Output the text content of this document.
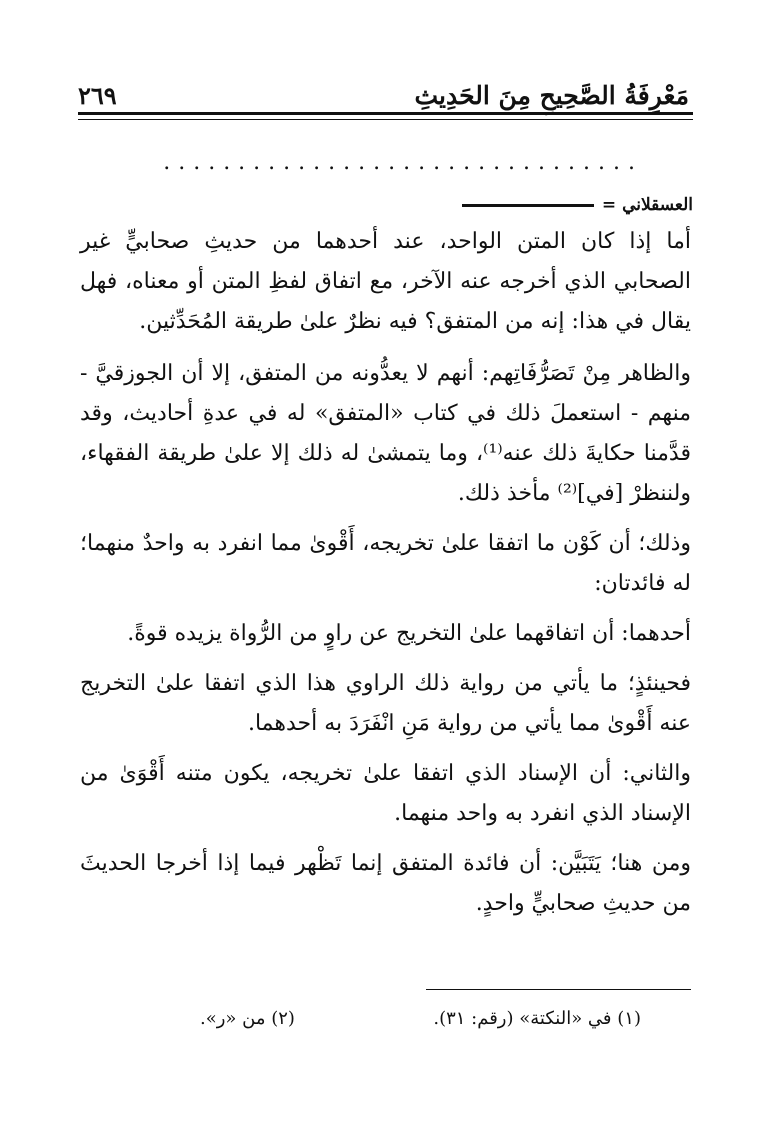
مَعْرِفَةُ الصَّحِيحِ مِنَ الحَدِيثِ
٢٦٩
................................
العسقلاني =

أما إذا كان المتن الواحد، عند أحدهما من حديثِ صحابيٍّ غير الصحابي الذي أخرجه عنه الآخر، مع اتفاق لفظِ المتن أو معناه، فهل يقال في هذا: إنه من المتفق؟ فيه نظرٌ علىٰ طريقة المُحَدِّثين.

والظاهر مِنْ تَصَرُّفَاتِهم: أنهم لا يعدُّونه من المتفق، إلا أن الجوزقيَّ - منهم - استعملَ ذلك في كتاب «المتفق» له في عدةِ أحاديث، وقد قدَّمنا حكايةَ ذلك عنه⁽¹⁾، وما يتمشىٰ له ذلك إلا علىٰ طريقة الفقهاء، ولننظرْ [في]⁽²⁾ مأخذ ذلك.

وذلك؛ أن كَوْن ما اتفقا علىٰ تخريجه، أَقْوىٰ مما انفرد به واحدٌ منهما؛ له فائدتان:

أحدهما: أن اتفاقهما علىٰ التخريج عن راوٍ من الرُّواة يزيده قوةً.

فحينئذٍ؛ ما يأتي من رواية ذلك الراوي هذا الذي اتفقا علىٰ التخريج عنه أَقْوىٰ مما يأتي من رواية مَنِ انْفَرَدَ به أحدهما.

والثاني: أن الإسناد الذي اتفقا علىٰ تخريجه، يكون متنه أَقْوَىٰ من الإسناد الذي انفرد به واحد منهما.

ومن هنا؛ يَتَبَيَّن: أن فائدة المتفق إنما تَظْهر فيما إذا أخرجا الحديثَ من حديثِ صحابيٍّ واحدٍ.

(١) في «النكتة» (رقم: ٣١).
(٢) من «ر».
